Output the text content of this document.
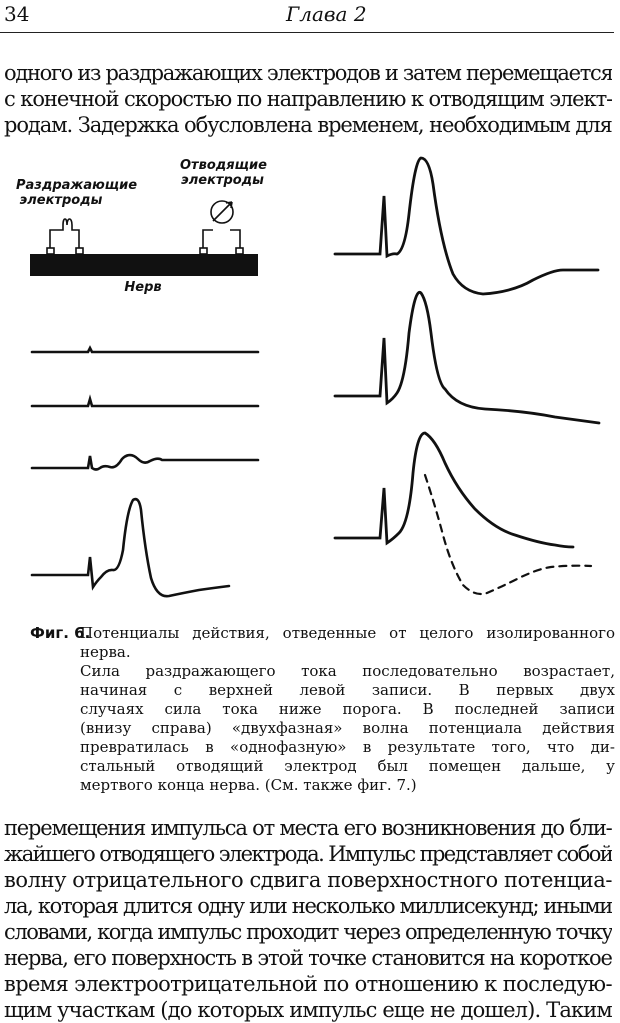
34	Глава 2
одного из раздражающих электродов и затем перемещается
с конечной скоростью по направлению к отводящим элект-
родам. Задержка обусловлена временем, необходимым для
Раздражающие
электроды
Отводящие
электроды
Нерв
Фиг. 6.
Потенциалы действия, отведенные от целого изолированного нерва.
Сила раздражающего тока последовательно возрастает,
начиная с верхней левой записи. В первых двух
случаях сила тока ниже порога. В последней записи
(внизу справа) «двухфазная» волна потенциала действия
превратилась в «однофазную» в результате того, что ди-
стальный отводящий электрод был помещен дальше, у
мертвого конца нерва. (См. также фиг. 7.)
перемещения импульса от места его возникновения до бли-
жайшего отводящего электрода. Импульс представляет собой
волну отрицательного сдвига поверхностного потенциа-
ла, которая длится одну или несколько миллисекунд; иными
словами, когда импульс проходит через определенную точку
нерва, его поверхность в этой точке становится на короткое
время электроотрицательной по отношению к последую-
щим участкам (до которых импульс еще не дошел). Таким
